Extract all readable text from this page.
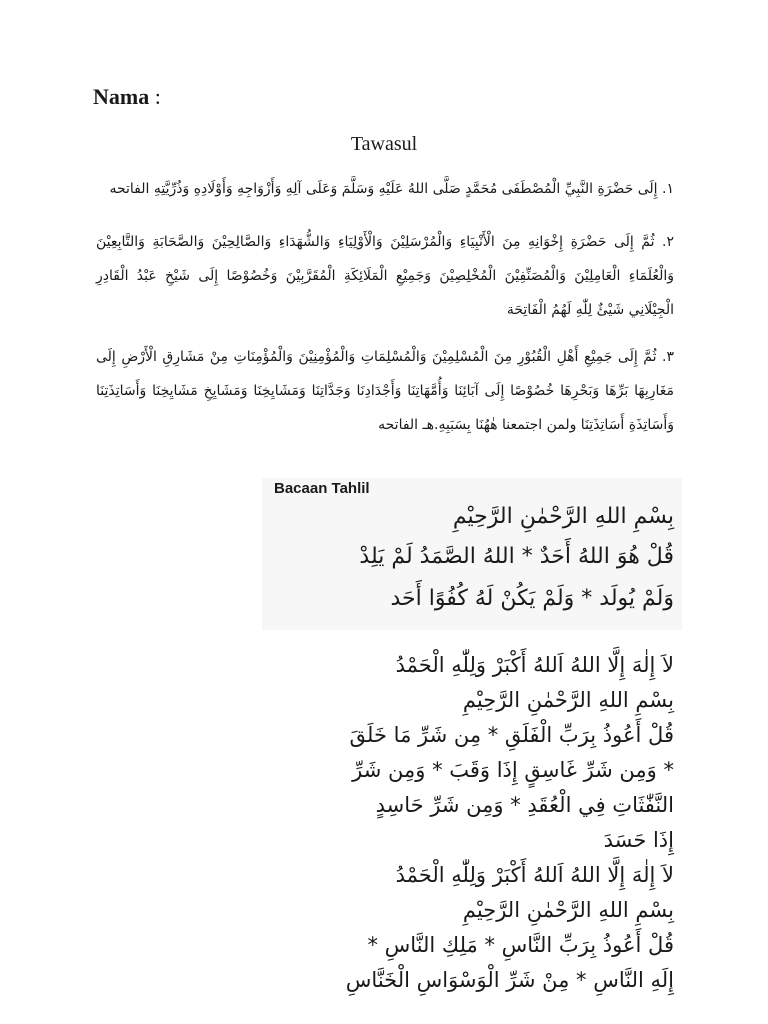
Nama :
Tawasul
١. إِلَى حَضْرَةِ النَّبِيِّ الْمُصْطَفَى مُحَمَّدٍ صَلَّى اللهُ عَلَيْهِ وَسَلَّمَ وَعَلَى آلِهِ وَأَزْوَاجِهِ وَأَوْلَادِهِ وَذُرِّيَّتِهِ الفاتحه
٢. ثُمَّ إِلَى حَضْرَةِ إِخْوَانِهِ مِنَ الْأَنْبِيَاءِ وَالْمُرْسَلِيْنَ وَالْأَوْلِيَاءِ وَالشُّهَدَاءِ وَالصَّالِحِيْنَ وَالصَّحَابَةِ وَالتَّابِعِيْنَ وَالْعُلَمَاءِ الْعَامِلِيْنَ وَالْمُصَنِّفِيْنَ الْمُخْلِصِيْنَ وَجَمِيْعِ الْمَلَائِكَةِ الْمُقَرَّبِيْنَ وَخُصُوْصًا إِلَى شَيْخِ عَبْدُ الْقَادِرِ الْجِيْلَانِي شَيْئٌ لِلّٰهِ لَهُمُ الْفَاتِحَة
٣. ثُمَّ إِلَى جَمِيْعِ أَهْلِ الْقُبُوْرِ مِنَ الْمُسْلِمِيْنَ وَالْمُسْلِمَاتِ وَالْمُؤْمِنِيْنَ وَالْمُؤْمِنَاتِ مِنْ مَشَارِقِ الْأَرْضِ إِلَى مَغَارِبِهَا بَرِّهَا وَبَحْرِهَا خُصُوْصًا إِلَى آبَائِنَا وَأُمَّهَاتِنَا وَأَجْدَادِنَا وَجَدَّاتِنَا وَمَشَايِخِنَا وَمَشَايِخِ مَشَايِخِنَا وَأَسَاتِذَتِنَا وَأَسَاتِذَةِ أَسَاتِذَتِنَا ولمن اجتمعنا هٰهُنَا بِسَبَبِهِ.هـ الفاتحه
Bacaan Tahlil
بِسْمِ اللهِ الرَّحْمٰنِ الرَّحِيْمِ
قُلْ هُوَ اللهُ أَحَدٌ * اللهُ الصَّمَدُ لَمْ يَلِدْ
وَلَمْ يُولَد * وَلَمْ يَكُنْ لَهُ كُفُوًا أَحَد
لاَ إِلٰهَ إِلَّا اللهُ اَللهُ أَكْبَرْ وَلِلّٰهِ الْحَمْدُ
بِسْمِ اللهِ الرَّحْمٰنِ الرَّحِيْمِ
قُلْ أَعُوذُ بِرَبِّ الْفَلَقِ * مِن شَرِّ مَا خَلَقَ
* وَمِن شَرِّ غَاسِقٍ إِذَا وَقَبَ * وَمِن شَرِّ
النَّفّٰثَاتِ فِي الْعُقَدِ * وَمِن شَرِّ حَاسِدٍ
إِذَا حَسَدَ
لاَ إِلٰهَ إِلَّا اللهُ اَللهُ أَكْبَرْ وَلِلّٰهِ الْحَمْدُ
بِسْمِ اللهِ الرَّحْمٰنِ الرَّحِيْمِ
قُلْ أَعُوذُ بِرَبِّ النَّاسِ * مَلِكِ النَّاسِ *
إِلَهِ النَّاسِ * مِنْ شَرِّ الْوَسْوَاسِ الْخَنَّاسِ
